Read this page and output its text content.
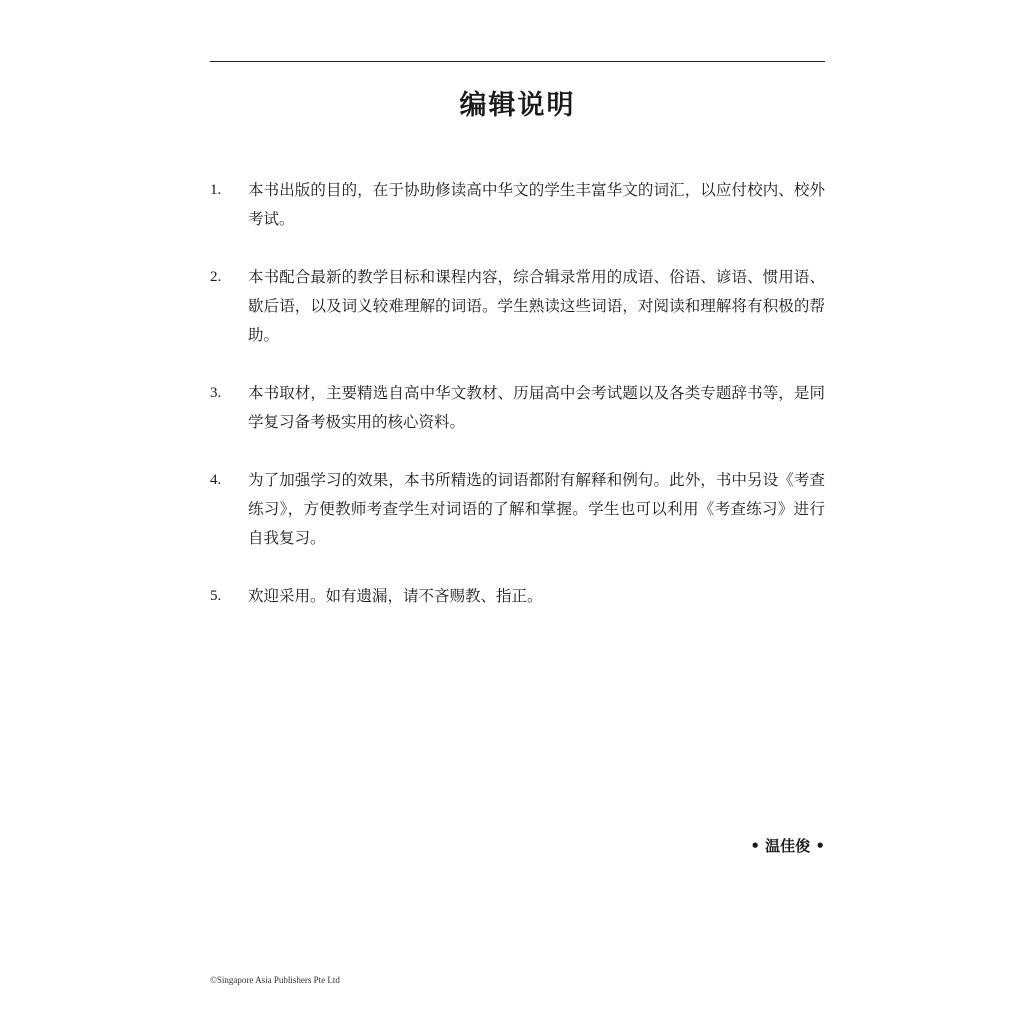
编辑说明
1. 本书出版的目的，在于协助修读高中华文的学生丰富华文的词汇，以应付校内、校外考试。
2. 本书配合最新的教学目标和课程内容，综合辑录常用的成语、俗语、谚语、惯用语、歇后语，以及词义较难理解的词语。学生熟读这些词语，对阅读和理解将有积极的帮助。
3. 本书取材，主要精选自高中华文教材、历届高中会考试题以及各类专题辞书等，是同学复习备考极实用的核心资料。
4. 为了加强学习的效果，本书所精选的词语都附有解释和例句。此外，书中另设《考查练习》，方便教师考查学生对词语的了解和掌握。学生也可以利用《考查练习》进行自我复习。
5. 欢迎采用。如有遗漏，请不吝赐教、指正。
• 温佳俊 •
©Singapore Asia Publishers Pte Ltd
